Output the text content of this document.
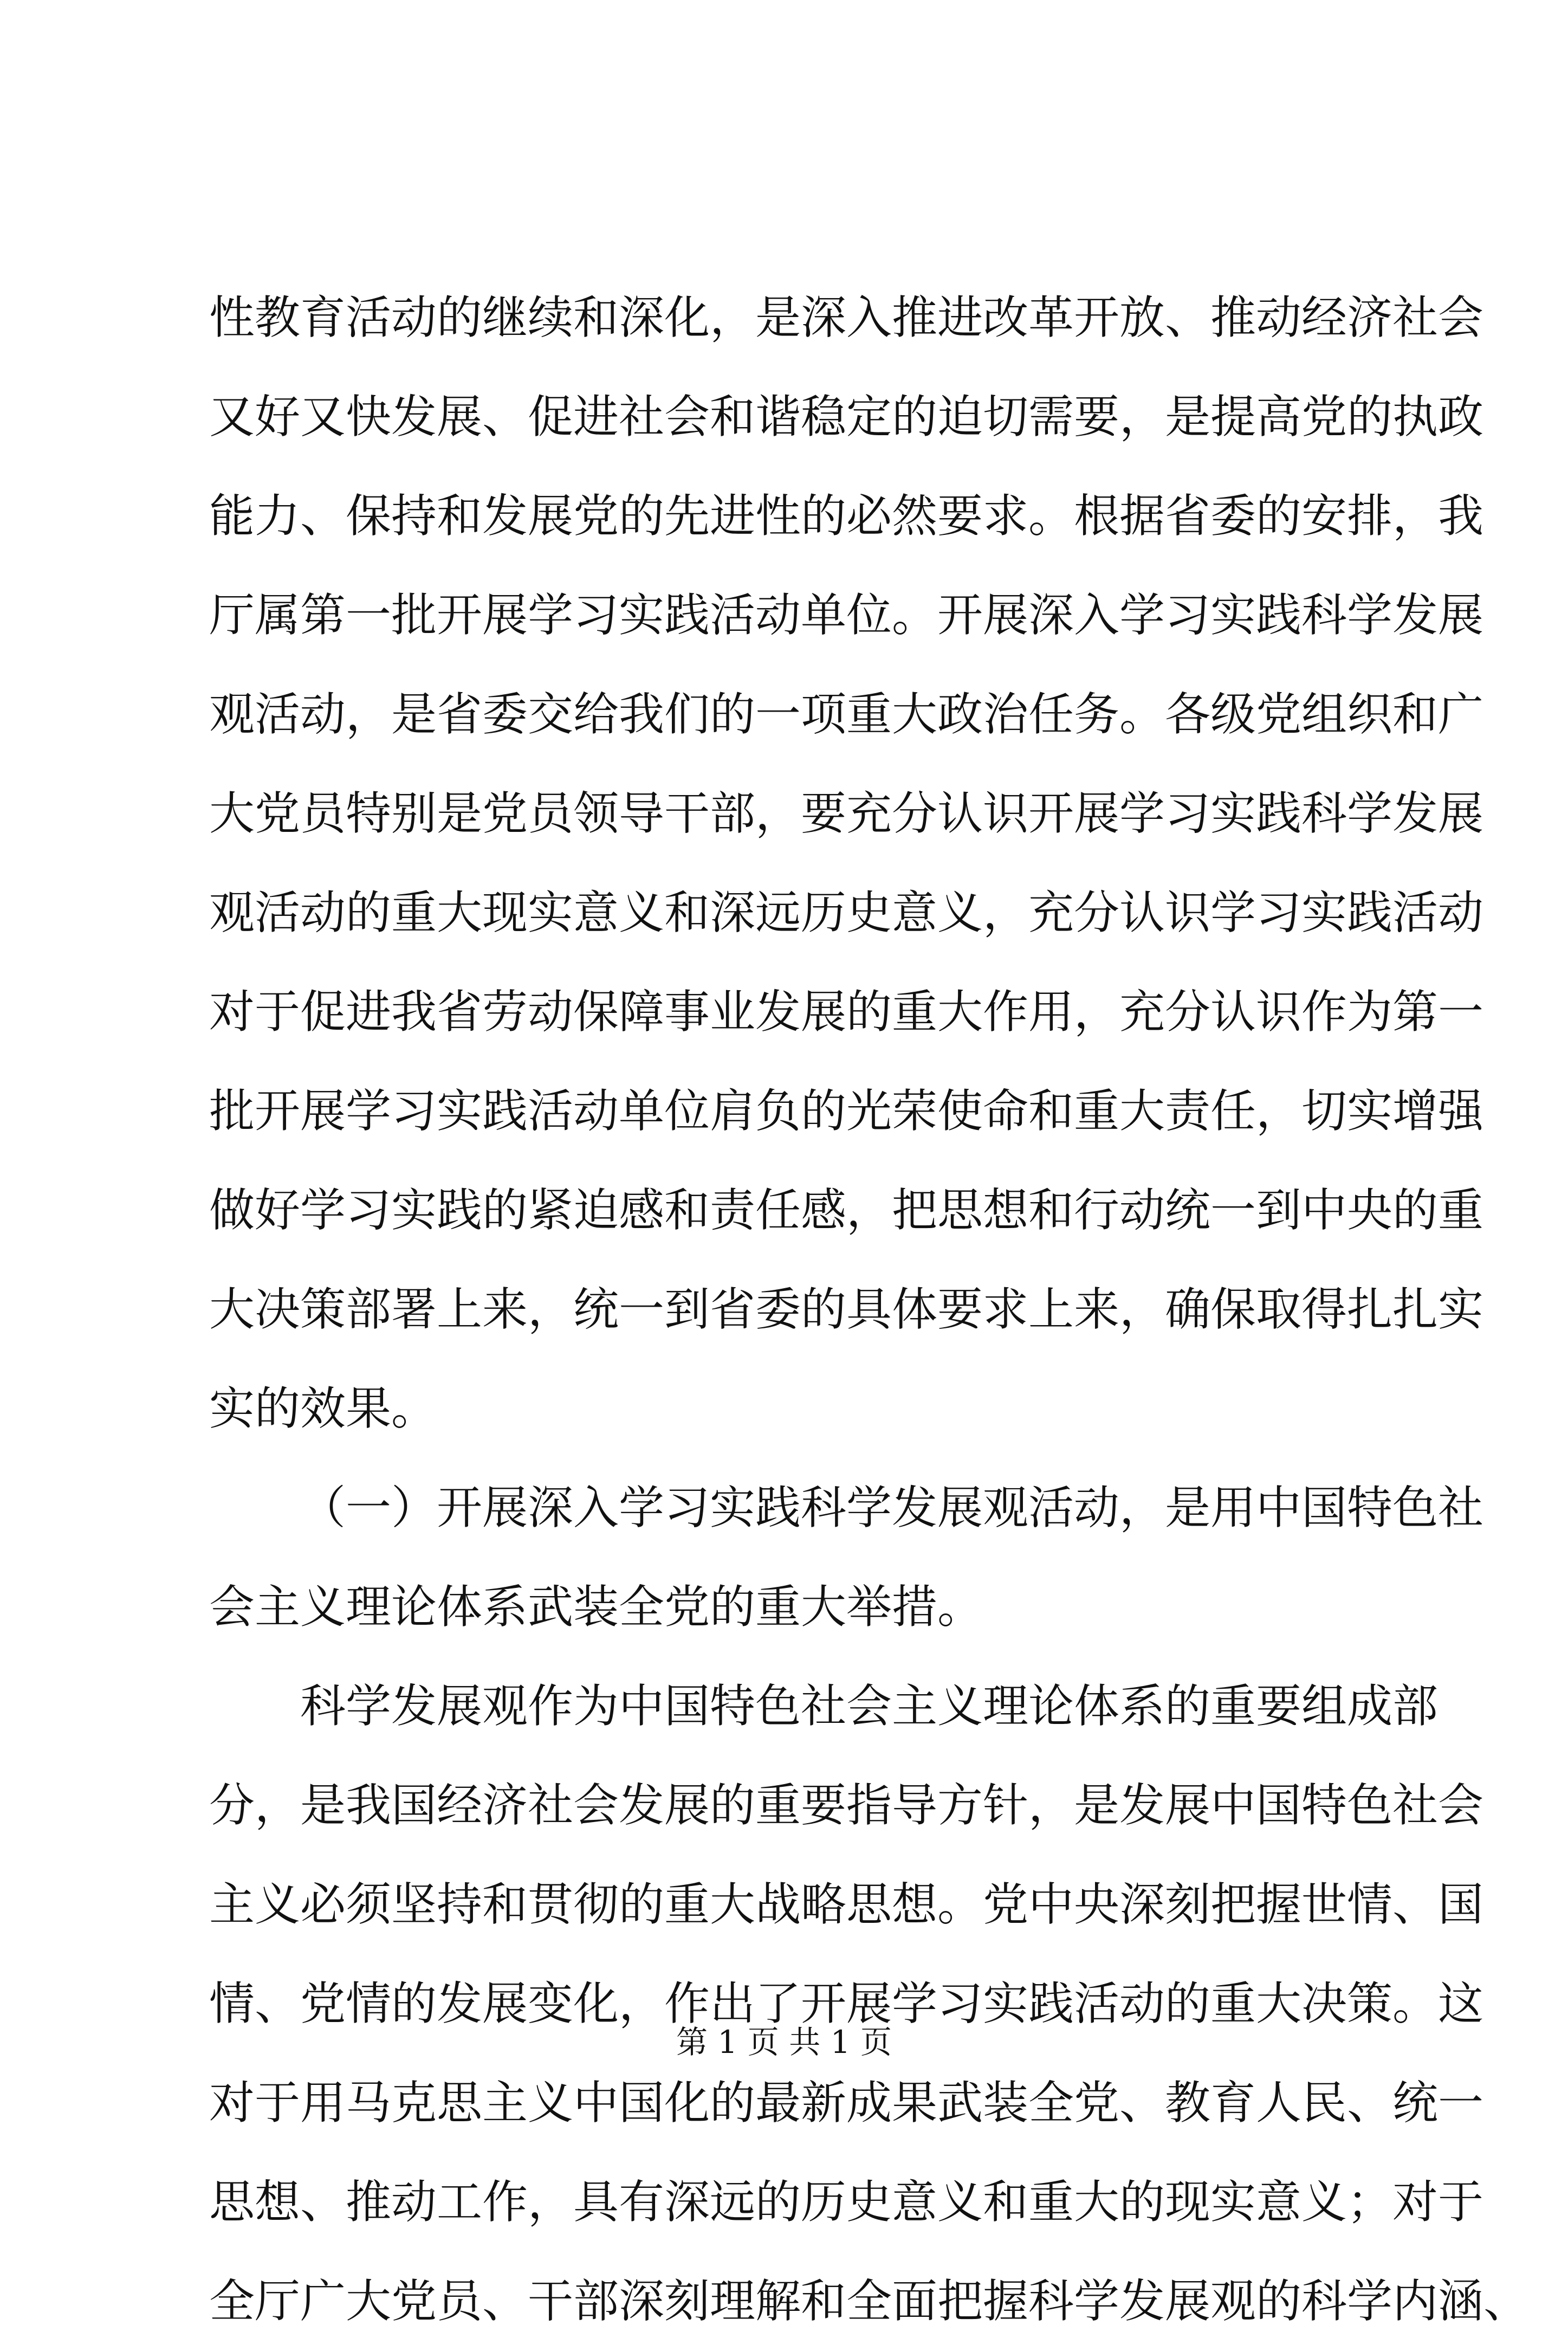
性教育活动的继续和深化，是深入推进改革开放、推动经济社会
又好又快发展、促进社会和谐稳定的迫切需要，是提高党的执政
能力、保持和发展党的先进性的必然要求。根据省委的安排，我
厅属第一批开展学习实践活动单位。开展深入学习实践科学发展
观活动，是省委交给我们的一项重大政治任务。各级党组织和广
大党员特别是党员领导干部，要充分认识开展学习实践科学发展
观活动的重大现实意义和深远历史意义，充分认识学习实践活动
对于促进我省劳动保障事业发展的重大作用，充分认识作为第一
批开展学习实践活动单位肩负的光荣使命和重大责任，切实增强
做好学习实践的紧迫感和责任感，把思想和行动统一到中央的重
大决策部署上来，统一到省委的具体要求上来，确保取得扎扎实
实的效果。
（一）开展深入学习实践科学发展观活动，是用中国特色社
会主义理论体系武装全党的重大举措。
科学发展观作为中国特色社会主义理论体系的重要组成部
分，是我国经济社会发展的重要指导方针，是发展中国特色社会
主义必须坚持和贯彻的重大战略思想。党中央深刻把握世情、国
情、党情的发展变化，作出了开展学习实践活动的重大决策。这
对于用马克思主义中国化的最新成果武装全党、教育人民、统一
思想、推动工作，具有深远的历史意义和重大的现实意义；对于
全厅广大党员、干部深刻理解和全面把握科学发展观的科学内涵、
第 1 页 共 1 页
